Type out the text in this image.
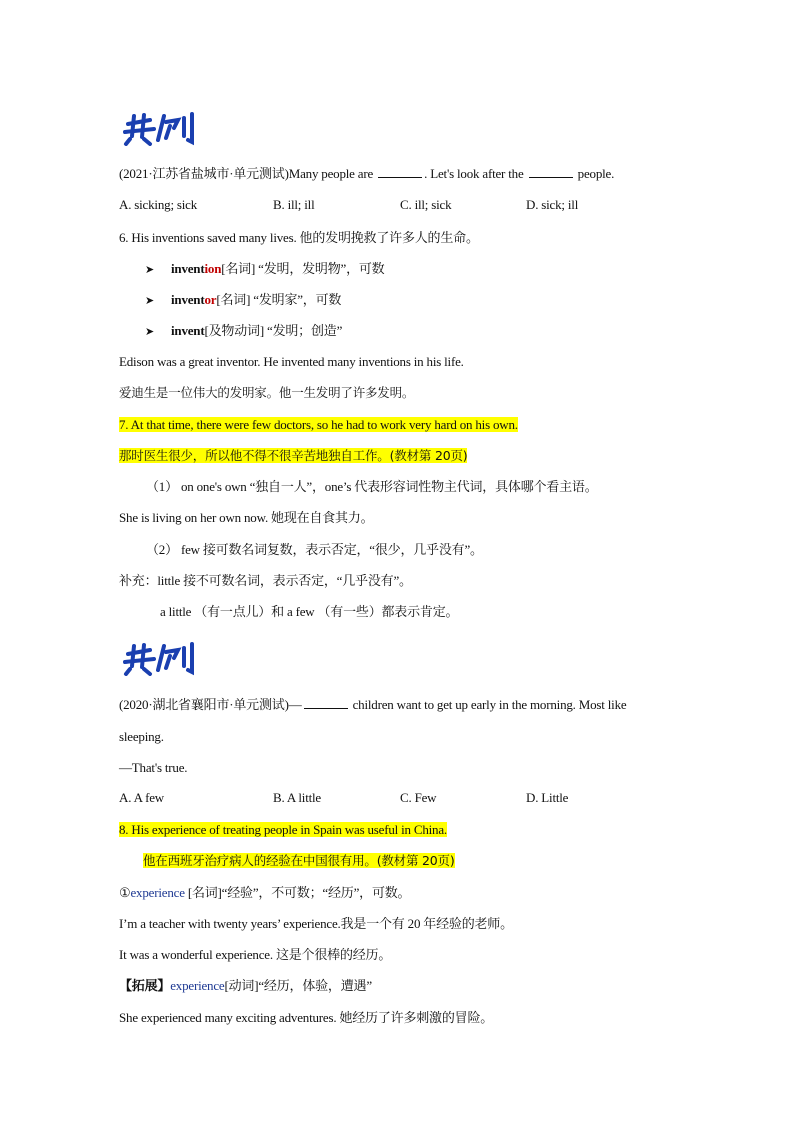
(2021·江苏省盐城市·单元测试)Many people are	. Let's look after the	people.
A. sicking; sick	B. ill; ill	C. ill; sick	D. sick; ill
6. His inventions saved many lives. 他的发明挽救了许多人的生命。
➤ invention[名词] “发明，发明物”，可数
➤ inventor[名词] “发明家”，可数
➤ invent[及物动词] “发明；创造”
Edison was a great inventor. He invented many inventions in his life.
爱迪生是一位伟大的发明家。他一生发明了许多发明。
7. At that time, there were few doctors, so he had to work very hard on his own.
那时医生很少，所以他不得不很辛苦地独自工作。(教材第 20页)
（1） on one's own “独自一人”，one’s 代表形容词性物主代词，具体哪个看主语。
She is living on her own now. 她现在自食其力。
（2） few 接可数名词复数，表示否定，“很少，几乎没有”。
补充：little 接不可数名词，表示否定，“几乎没有”。
a little （有一点儿）和 a few （有一些）都表示肯定。
(2020·湖北省襄阳市·单元测试)—	children want to get up early in the morning. Most like
sleeping.
—That's true.
A. A few	B. A little	C. Few	D. Little
8. His experience of treating people in Spain was useful in China.
他在西班牙治疗病人的经验在中国很有用。(教材第 20页)
①experience [名词]“经验”，不可数；“经历”，可数。
I’m a teacher with twenty years’ experience.我是一个有 20 年经验的老师。
It was a wonderful experience. 这是个很棒的经历。
【拓展】experience[动词]“经历，体验，遭遇”
She experienced many exciting adventures. 她经历了许多刺激的冒险。
